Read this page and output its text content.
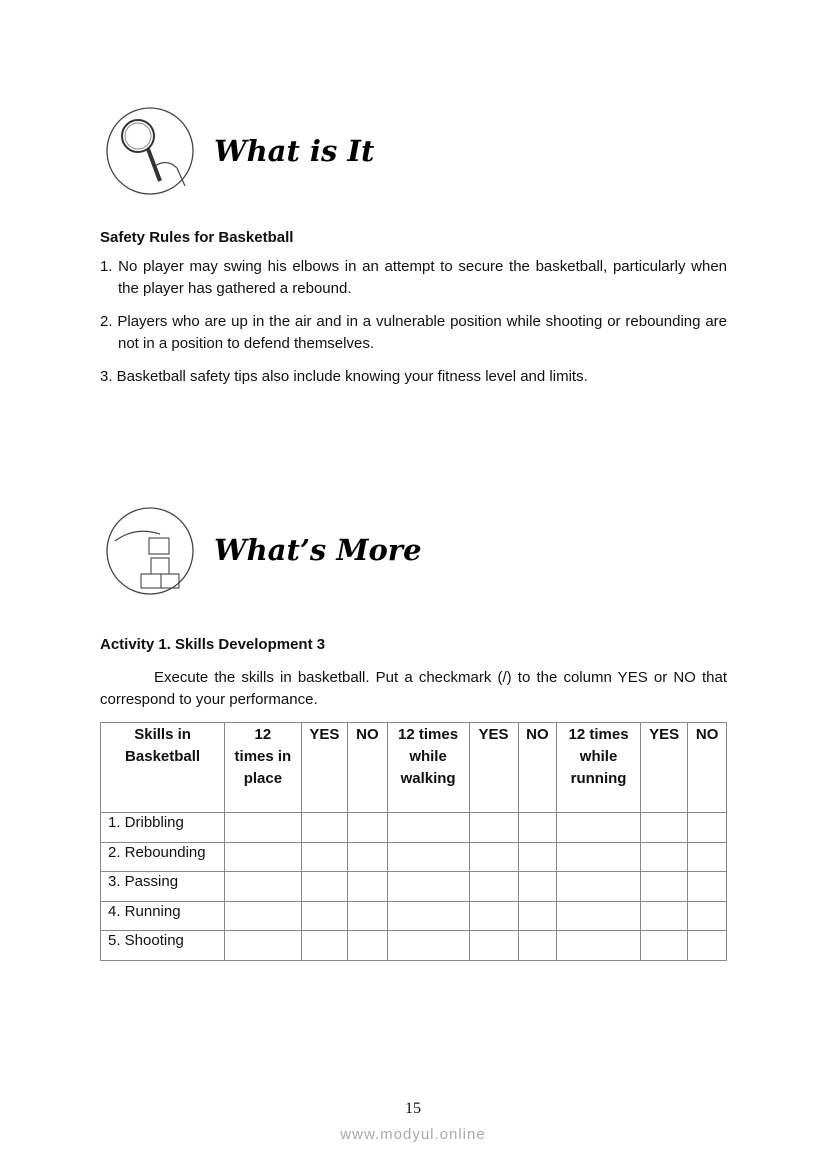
What is It
Safety Rules for Basketball
1. No player may swing his elbows in an attempt to secure the basketball, particularly when the player has gathered a rebound.
2. Players who are up in the air and in a vulnerable position while shooting or rebounding are not in a position to defend themselves.
3. Basketball safety tips also include knowing your fitness level and limits.
What’s More
Activity 1. Skills Development 3
Execute the skills in basketball. Put a checkmark (/) to the column YES or NO that correspond to your performance.
Skills in Basketball	12 times in place	YES	NO	12 times while walking	YES	NO	12 times while running	YES	NO
1. Dribbling									
2. Rebounding									
3. Passing									
4. Running									
5. Shooting									
15
www.modyul.online
